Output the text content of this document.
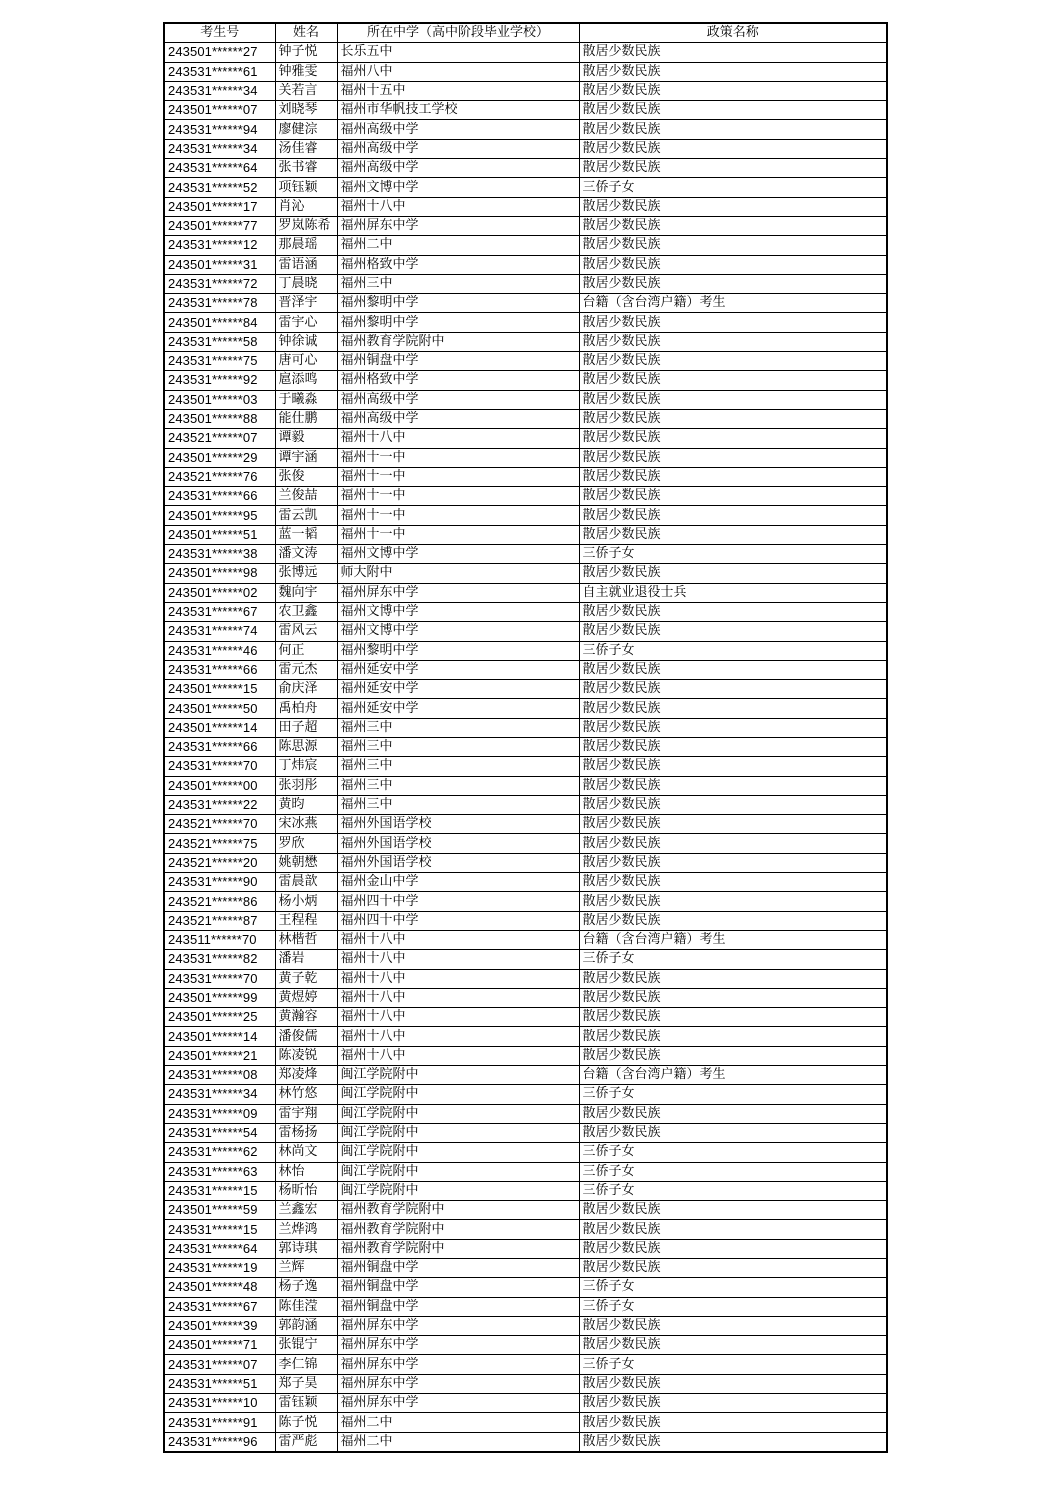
考生号	姓名	所在中学（高中阶段毕业学校）	政策名称
243501******27	钟子悦	长乐五中	散居少数民族
243531******61	钟雅雯	福州八中	散居少数民族
243531******34	关若言	福州十五中	散居少数民族
243501******07	刘晓琴	福州市华帆技工学校	散居少数民族
243531******94	廖健淙	福州高级中学	散居少数民族
243531******34	汤佳睿	福州高级中学	散居少数民族
243531******64	张书睿	福州高级中学	散居少数民族
243531******52	项钰颖	福州文博中学	三侨子女
243501******17	肖沁	福州十八中	散居少数民族
243501******77	罗岚陈希	福州屏东中学	散居少数民族
243531******12	那晨瑶	福州二中	散居少数民族
243501******31	雷语涵	福州格致中学	散居少数民族
243531******72	丁晨晓	福州三中	散居少数民族
243531******78	晋泽宇	福州黎明中学	台籍（含台湾户籍）考生
243501******84	雷宇心	福州黎明中学	散居少数民族
243531******58	钟徐诚	福州教育学院附中	散居少数民族
243531******75	唐可心	福州铜盘中学	散居少数民族
243531******92	扈添鸣	福州格致中学	散居少数民族
243501******03	于曦淼	福州高级中学	散居少数民族
243501******88	能仕鹏	福州高级中学	散居少数民族
243521******07	谭毅	福州十八中	散居少数民族
243501******29	谭宇涵	福州十一中	散居少数民族
243521******76	张俊	福州十一中	散居少数民族
243531******66	兰俊喆	福州十一中	散居少数民族
243501******95	雷云凯	福州十一中	散居少数民族
243501******51	蓝一韬	福州十一中	散居少数民族
243531******38	潘文涛	福州文博中学	三侨子女
243501******98	张博远	师大附中	散居少数民族
243501******02	魏向宇	福州屏东中学	自主就业退役士兵
243531******67	农卫鑫	福州文博中学	散居少数民族
243531******74	雷风云	福州文博中学	散居少数民族
243531******46	何正	福州黎明中学	三侨子女
243531******66	雷元杰	福州延安中学	散居少数民族
243501******15	俞庆泽	福州延安中学	散居少数民族
243501******50	禹柏舟	福州延安中学	散居少数民族
243501******14	田子超	福州三中	散居少数民族
243531******66	陈思源	福州三中	散居少数民族
243531******70	丁炜宸	福州三中	散居少数民族
243501******00	张羽彤	福州三中	散居少数民族
243531******22	黄昀	福州三中	散居少数民族
243521******70	宋冰燕	福州外国语学校	散居少数民族
243521******75	罗欣	福州外国语学校	散居少数民族
243521******20	姚朝懋	福州外国语学校	散居少数民族
243531******90	雷晨歆	福州金山中学	散居少数民族
243521******86	杨小炳	福州四十中学	散居少数民族
243521******87	王程程	福州四十中学	散居少数民族
243511******70	林楷哲	福州十八中	台籍（含台湾户籍）考生
243531******82	潘岩	福州十八中	三侨子女
243531******70	黄子乾	福州十八中	散居少数民族
243501******99	黄煜婷	福州十八中	散居少数民族
243501******25	黄瀚容	福州十八中	散居少数民族
243501******14	潘俊儒	福州十八中	散居少数民族
243501******21	陈凌锐	福州十八中	散居少数民族
243531******08	郑凌烽	闽江学院附中	台籍（含台湾户籍）考生
243531******34	林竹悠	闽江学院附中	三侨子女
243531******09	雷宇翔	闽江学院附中	散居少数民族
243531******54	雷杨扬	闽江学院附中	散居少数民族
243531******62	林尚文	闽江学院附中	三侨子女
243531******63	林怡	闽江学院附中	三侨子女
243531******15	杨昕怡	闽江学院附中	三侨子女
243501******59	兰鑫宏	福州教育学院附中	散居少数民族
243531******15	兰烨鸿	福州教育学院附中	散居少数民族
243531******64	郭诗琪	福州教育学院附中	散居少数民族
243531******19	兰辉	福州铜盘中学	散居少数民族
243501******48	杨子逸	福州铜盘中学	三侨子女
243531******67	陈佳滢	福州铜盘中学	三侨子女
243501******39	郭韵涵	福州屏东中学	散居少数民族
243501******71	张锟宁	福州屏东中学	散居少数民族
243531******07	李仁锦	福州屏东中学	三侨子女
243531******51	郑子昊	福州屏东中学	散居少数民族
243531******10	雷钰颖	福州屏东中学	散居少数民族
243531******91	陈子悦	福州二中	散居少数民族
243531******96	雷严彪	福州二中	散居少数民族
